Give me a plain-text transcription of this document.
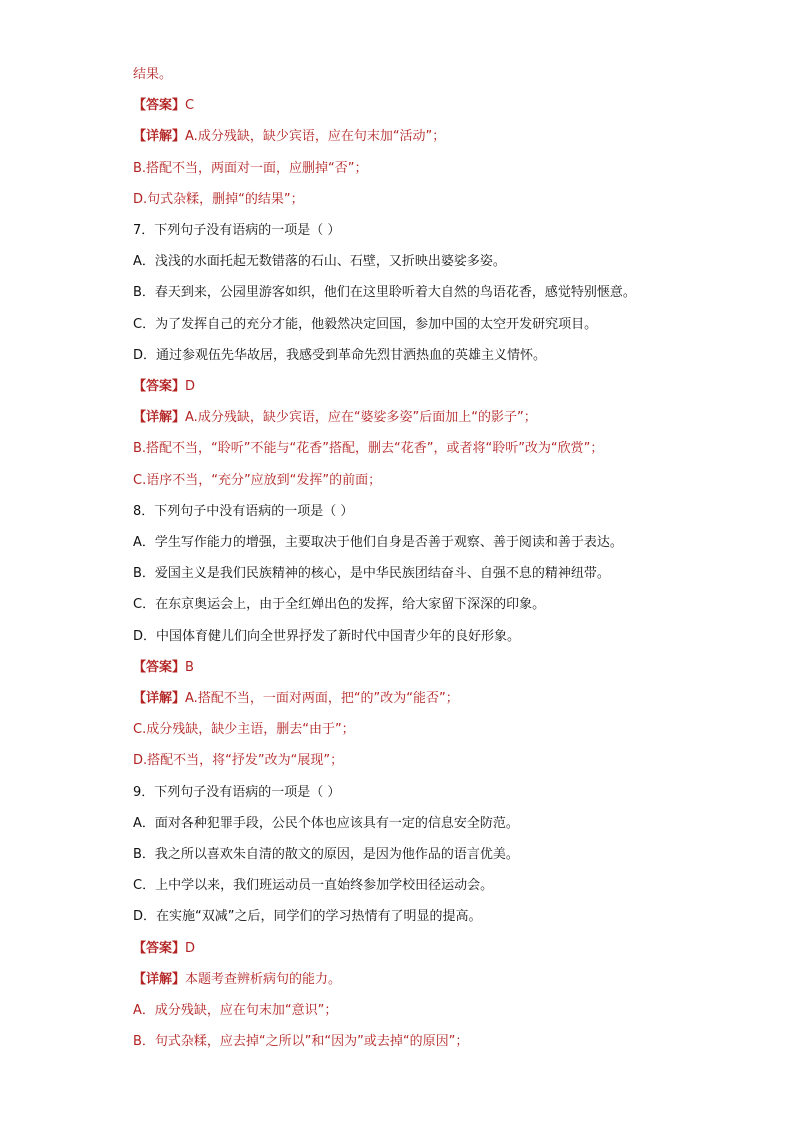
结果。
【答案】C
【详解】A.成分残缺，缺少宾语，应在句末加“活动”；
B.搭配不当，两面对一面，应删掉“否”；
D.句式杂糅，删掉“的结果”；
7．下列句子没有语病的一项是（ ）
A．浅浅的水面托起无数错落的石山、石壁，又折映出婆娑多姿。
B．春天到来，公园里游客如织，他们在这里聆听着大自然的鸟语花香，感觉特别惬意。
C．为了发挥自己的充分才能，他毅然决定回国，参加中国的太空开发研究项目。
D．通过参观伍先华故居，我感受到革命先烈甘洒热血的英雄主义情怀。
【答案】D
【详解】A.成分残缺，缺少宾语，应在“婆娑多姿”后面加上“的影子”；
B.搭配不当，“聆听”不能与“花香”搭配，删去“花香”，或者将“聆听”改为“欣赏”；
C.语序不当，“充分”应放到“发挥”的前面；
8．下列句子中没有语病的一项是（ ）
A．学生写作能力的增强，主要取决于他们自身是否善于观察、善于阅读和善于表达。
B．爱国主义是我们民族精神的核心，是中华民族团结奋斗、自强不息的精神纽带。
C．在东京奥运会上，由于全红婵出色的发挥，给大家留下深深的印象。
D．中国体育健儿们向全世界抒发了新时代中国青少年的良好形象。
【答案】B
【详解】A.搭配不当，一面对两面，把“的”改为“能否”；
C.成分残缺，缺少主语，删去“由于”；
D.搭配不当，将“抒发”改为“展现”；
9．下列句子没有语病的一项是（ ）
A．面对各种犯罪手段，公民个体也应该具有一定的信息安全防范。
B．我之所以喜欢朱自清的散文的原因，是因为他作品的语言优美。
C．上中学以来，我们班运动员一直始终参加学校田径运动会。
D．在实施“双减”之后，同学们的学习热情有了明显的提高。
【答案】D
【详解】本题考查辨析病句的能力。
A．成分残缺，应在句末加“意识”；
B．句式杂糅，应去掉“之所以”和“因为”或去掉“的原因”；
